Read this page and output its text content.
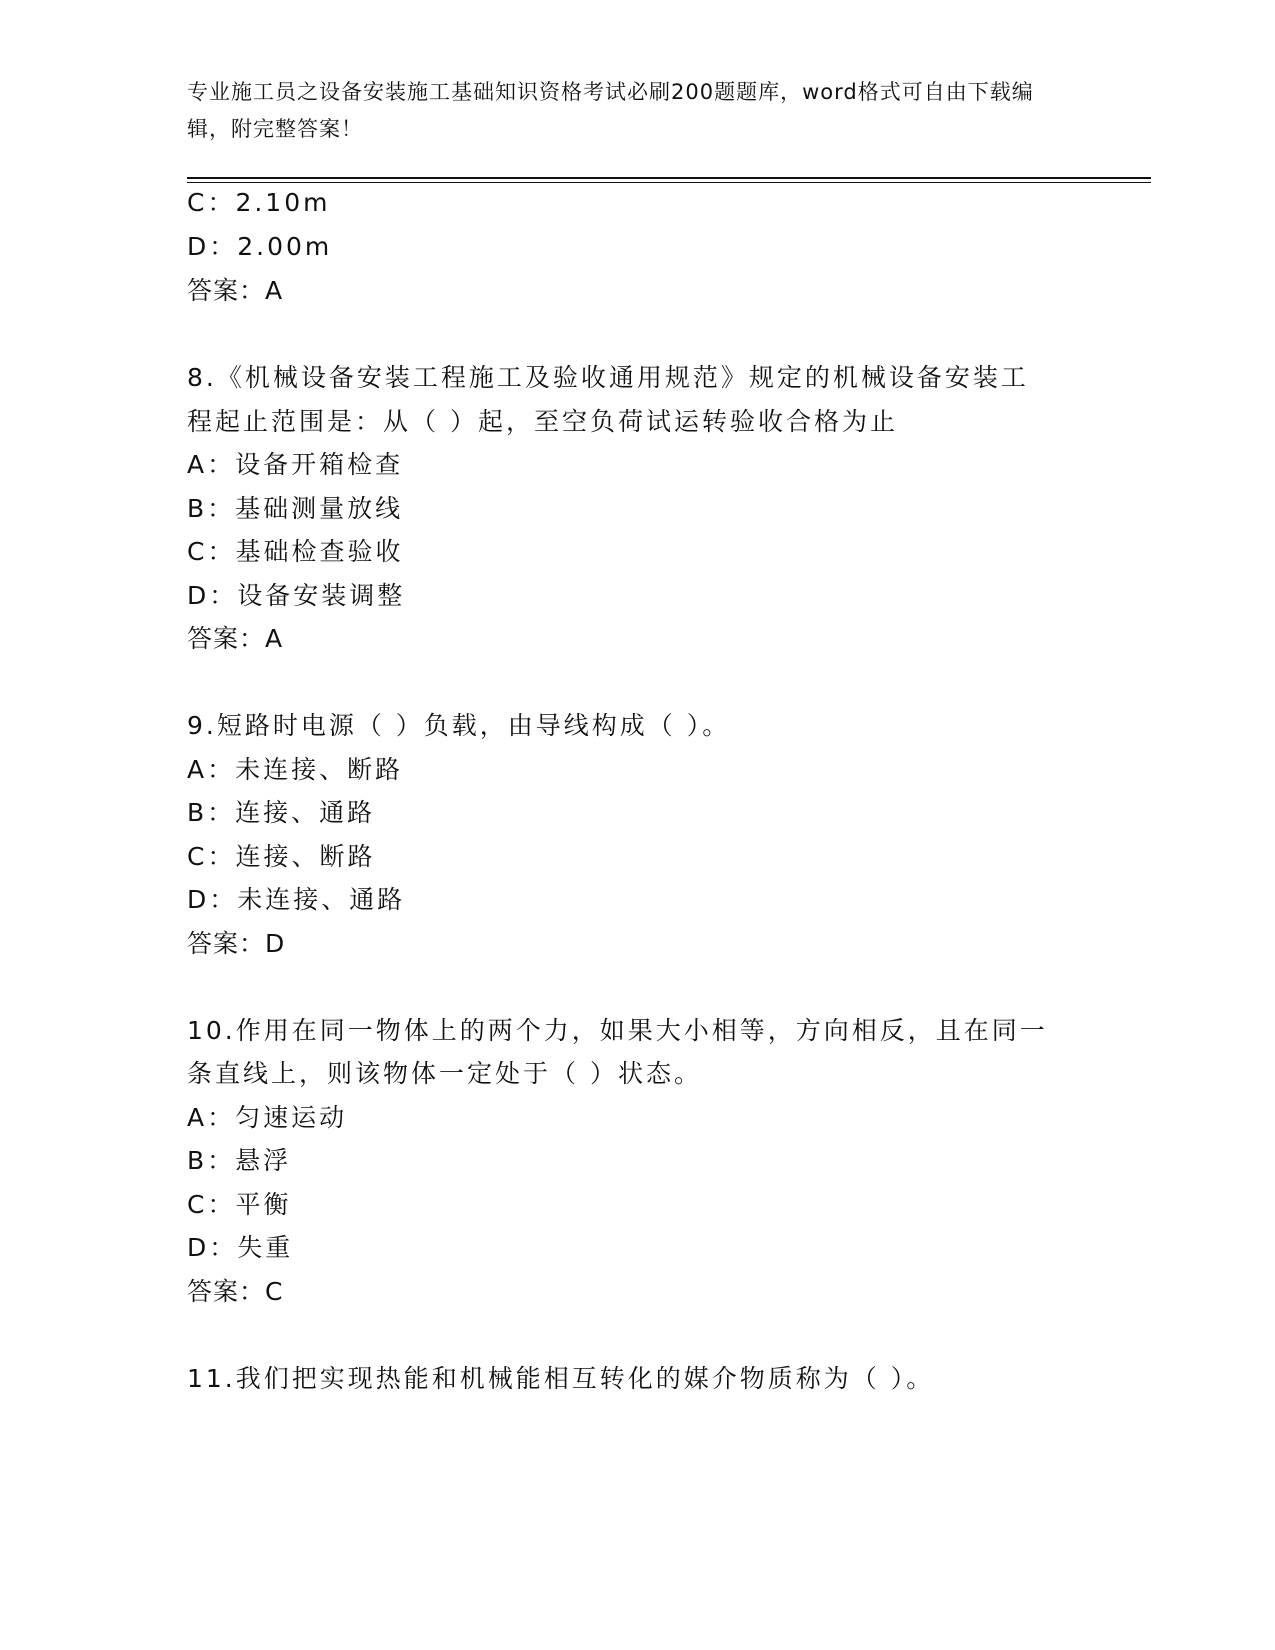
专业施工员之设备安装施工基础知识资格考试必刷200题题库，word格式可自由下载编辑，附完整答案！
C：2.10m
D：2.00m
答案：A
8.《机械设备安装工程施工及验收通用规范》规定的机械设备安装工
程起止范围是：从（ ）起，至空负荷试运转验收合格为止
A：设备开箱检查
B：基础测量放线
C：基础检查验收
D：设备安装调整
答案：A
9.短路时电源（ ）负载，由导线构成（ ）。
A：未连接、断路
B：连接、通路
C：连接、断路
D：未连接、通路
答案：D
10.作用在同一物体上的两个力，如果大小相等，方向相反，且在同一
条直线上，则该物体一定处于（ ）状态。
A：匀速运动
B：悬浮
C：平衡
D：失重
答案：C
11.我们把实现热能和机械能相互转化的媒介物质称为（ ）。
